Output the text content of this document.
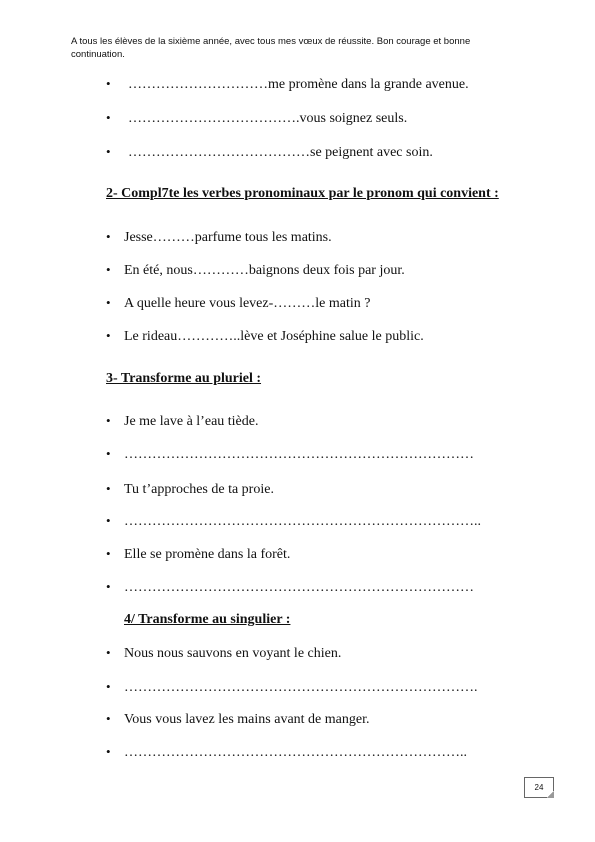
A tous les élèves de la sixième année, avec tous mes vœux de réussite. Bon courage et bonne continuation.
• …………………………me promène dans la grande avenue.
• ……………………………….vous soignez seuls.
• …………………………………se peignent avec soin.
2- Compl7te les verbes pronominaux par le pronom qui convient :
• Jesse………parfume tous les matins.
• En été, nous…………baignons deux fois par jour.
• A quelle heure vous levez-………le matin ?
• Le rideau…………..lève et Joséphine salue le public.
3- Transforme au pluriel :
• Je me lave à l’eau tiède.
• …………………………………………………………………
• Tu t’approches de ta proie.
• …………………………………………………………………..
• Elle se promène dans la forêt.
• …………………………………………………………………
4/ Transforme au singulier :
• Nous nous sauvons en voyant le chien.
• ………………………………………………………………….
• Vous vous lavez les mains avant de manger.
• ………………………………………………………………..
24
